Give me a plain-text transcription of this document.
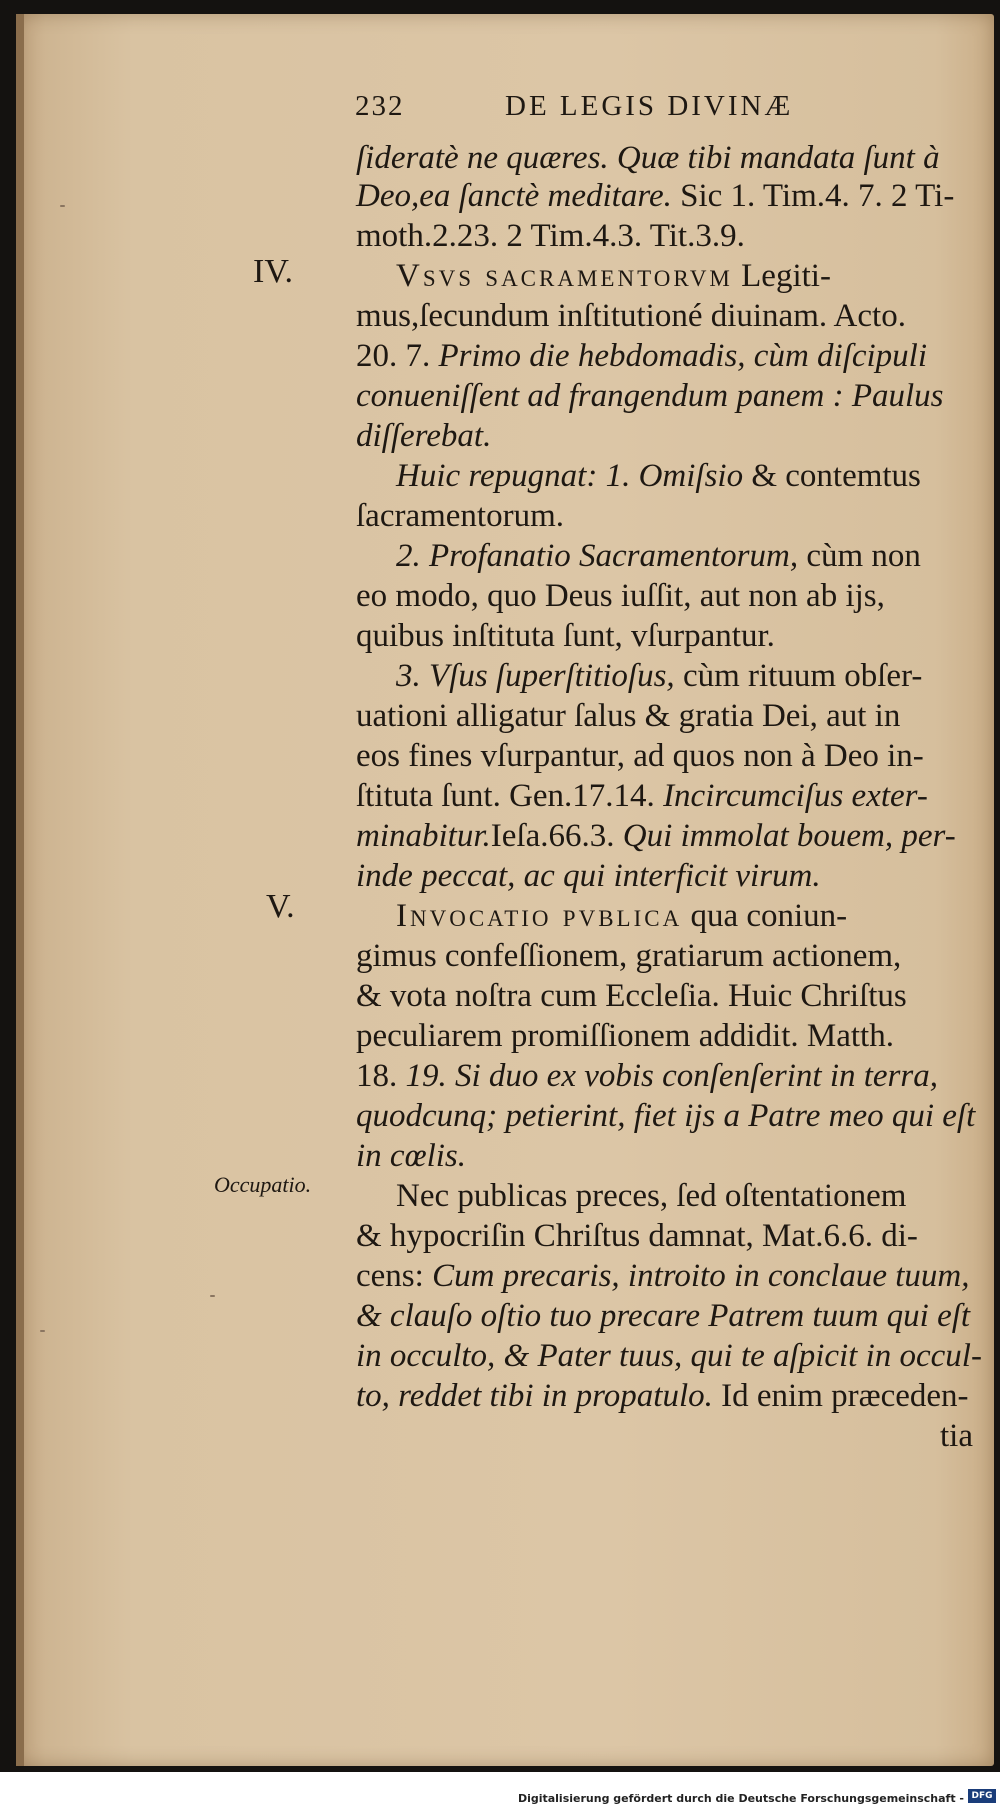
232	DE LEGIS DIVINÆ
IV.
V.
Occupatio.
ſideratè ne quæres. Quæ tibi mandata ſunt à
Deo,ea ſanctè meditare. Sic 1. Tim.4. 7. 2 Ti-
moth.2.23. 2 Tim.4.3. Tit.3.9.
Vsvs sacramentorvm Legiti-
mus,ſecundum inſtitutioné diuinam. Acto.
20. 7. Primo die hebdomadis, cùm diſcipuli
conueniſſent ad frangendum panem : Paulus
diſſerebat.
Huic repugnat: 1. Omiſsio & contemtus
ſacramentorum.
2. Profanatio Sacramentorum, cùm non
eo modo, quo Deus iuſſit, aut non ab ijs,
quibus inſtituta ſunt, vſurpantur.
3. Vſus ſuperſtitioſus, cùm rituum obſer-
uationi alligatur ſalus & gratia Dei, aut in
eos fines vſurpantur, ad quos non à Deo in-
ſtituta ſunt. Gen.17.14. Incircumciſus exter-
minabitur.Ieſa.66.3. Qui immolat bouem, per-
inde peccat, ac qui interficit virum.
Invocatio pvblica qua coniun-
gimus confeſſionem, gratiarum actionem,
& vota noſtra cum Eccleſia. Huic Chriſtus
peculiarem promiſſionem addidit. Matth.
18. 19. Si duo ex vobis conſenſerint in terra,
quodcunq; petierint, fiet ijs a Patre meo qui eſt
in cœlis.
Nec publicas preces, ſed oſtentationem
& hypocriſin Chriſtus damnat, Mat.6.6. di-
cens: Cum precaris, introito in conclaue tuum,
& clauſo oſtio tuo precare Patrem tuum qui eſt
in occulto, & Pater tuus, qui te aſpicit in occul-
to, reddet tibi in propatulo. Id enim præceden-
tia
Digitalisierung gefördert durch die Deutsche Forschungsgemeinschaft - DFG
